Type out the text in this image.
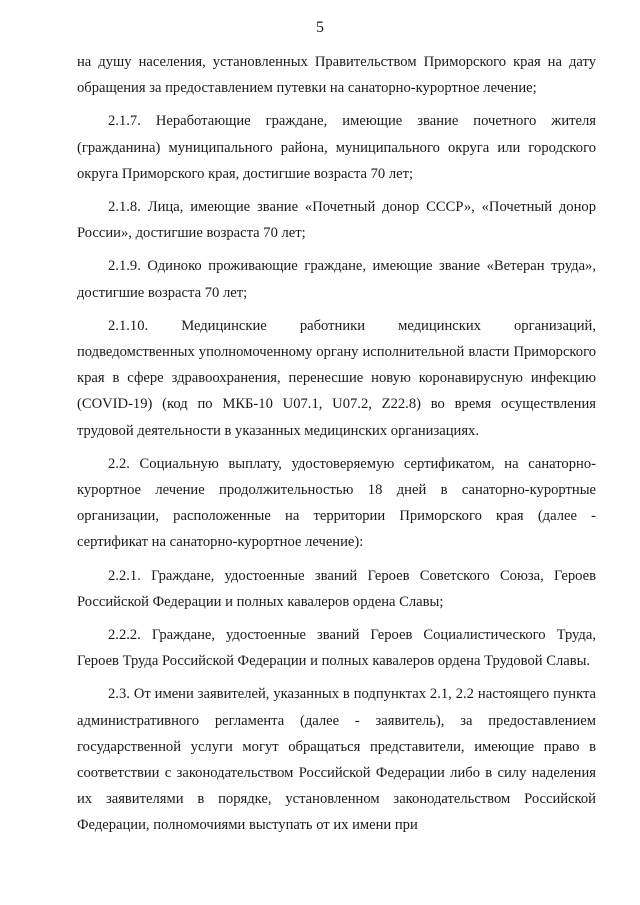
5

на душу населения, установленных Правительством Приморского края на дату обращения за предоставлением путевки на санаторно-курортное лечение;

2.1.7. Неработающие граждане, имеющие звание почетного жителя (гражданина) муниципального района, муниципального округа или городского округа Приморского края, достигшие возраста 70 лет;

2.1.8. Лица, имеющие звание «Почетный донор СССР», «Почетный донор России», достигшие возраста 70 лет;

2.1.9. Одиноко проживающие граждане, имеющие звание «Ветеран труда», достигшие возраста 70 лет;

2.1.10. Медицинские работники медицинских организаций, подведомственных уполномоченному органу исполнительной власти Приморского края в сфере здравоохранения, перенесшие новую коронавирусную инфекцию (COVID-19) (код по МКБ-10 U07.1, U07.2, Z22.8) во время осуществления трудовой деятельности в указанных медицинских организациях.

2.2. Социальную выплату, удостоверяемую сертификатом, на санаторно-курортное лечение продолжительностью 18 дней в санаторно-курортные организации, расположенные на территории Приморского края (далее - сертификат на санаторно-курортное лечение):

2.2.1. Граждане, удостоенные званий Героев Советского Союза, Героев Российской Федерации и полных кавалеров ордена Славы;

2.2.2. Граждане, удостоенные званий Героев Социалистического Труда, Героев Труда Российской Федерации и полных кавалеров ордена Трудовой Славы.

2.3. От имени заявителей, указанных в подпунктах 2.1, 2.2 настоящего пункта административного регламента (далее - заявитель), за предоставлением государственной услуги могут обращаться представители, имеющие право в соответствии с законодательством Российской Федерации либо в силу наделения их заявителями в порядке, установленном законодательством Российской Федерации, полномочиями выступать от их имени при
